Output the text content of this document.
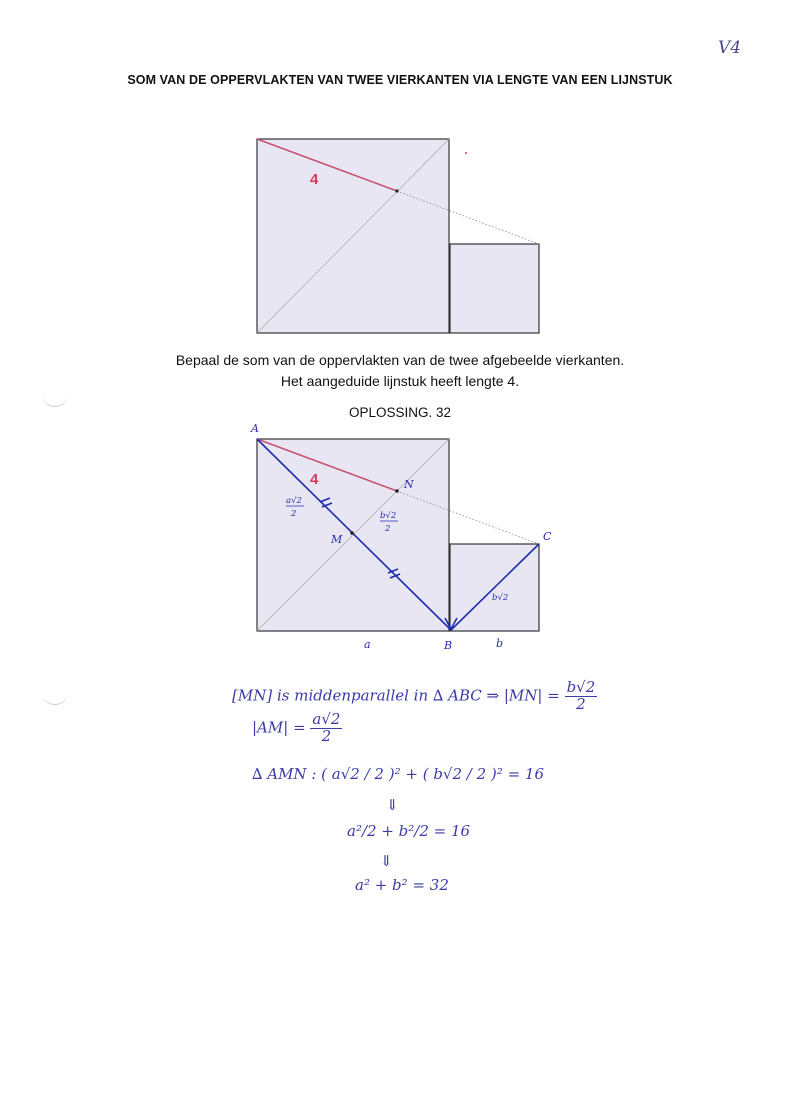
V4
SOM VAN DE OPPERVLAKTEN VAN TWEE VIERKANTEN VIA LENGTE VAN EEN LIJNSTUK
4
4
A
N
M	C
B
a	b
a√2
2	b√2
2
b√2
Bepaal de som van de oppervlakten van de twee afgebeelde vierkanten.
Het aangeduide lijnstuk heeft lengte 4.
OPLOSSING. 32
[MN] is middenparallel in ∆ ABC ⇒ $|MN| = \frac{b√2}{2}$
$|AM| = \frac{a√2}{2}$
∆ AMN : ( a√2 / 2 )² + ( b√2 / 2 )² = 16
⇓
a²/2 + b²/2 = 16
⇓
a² + b² = 32
